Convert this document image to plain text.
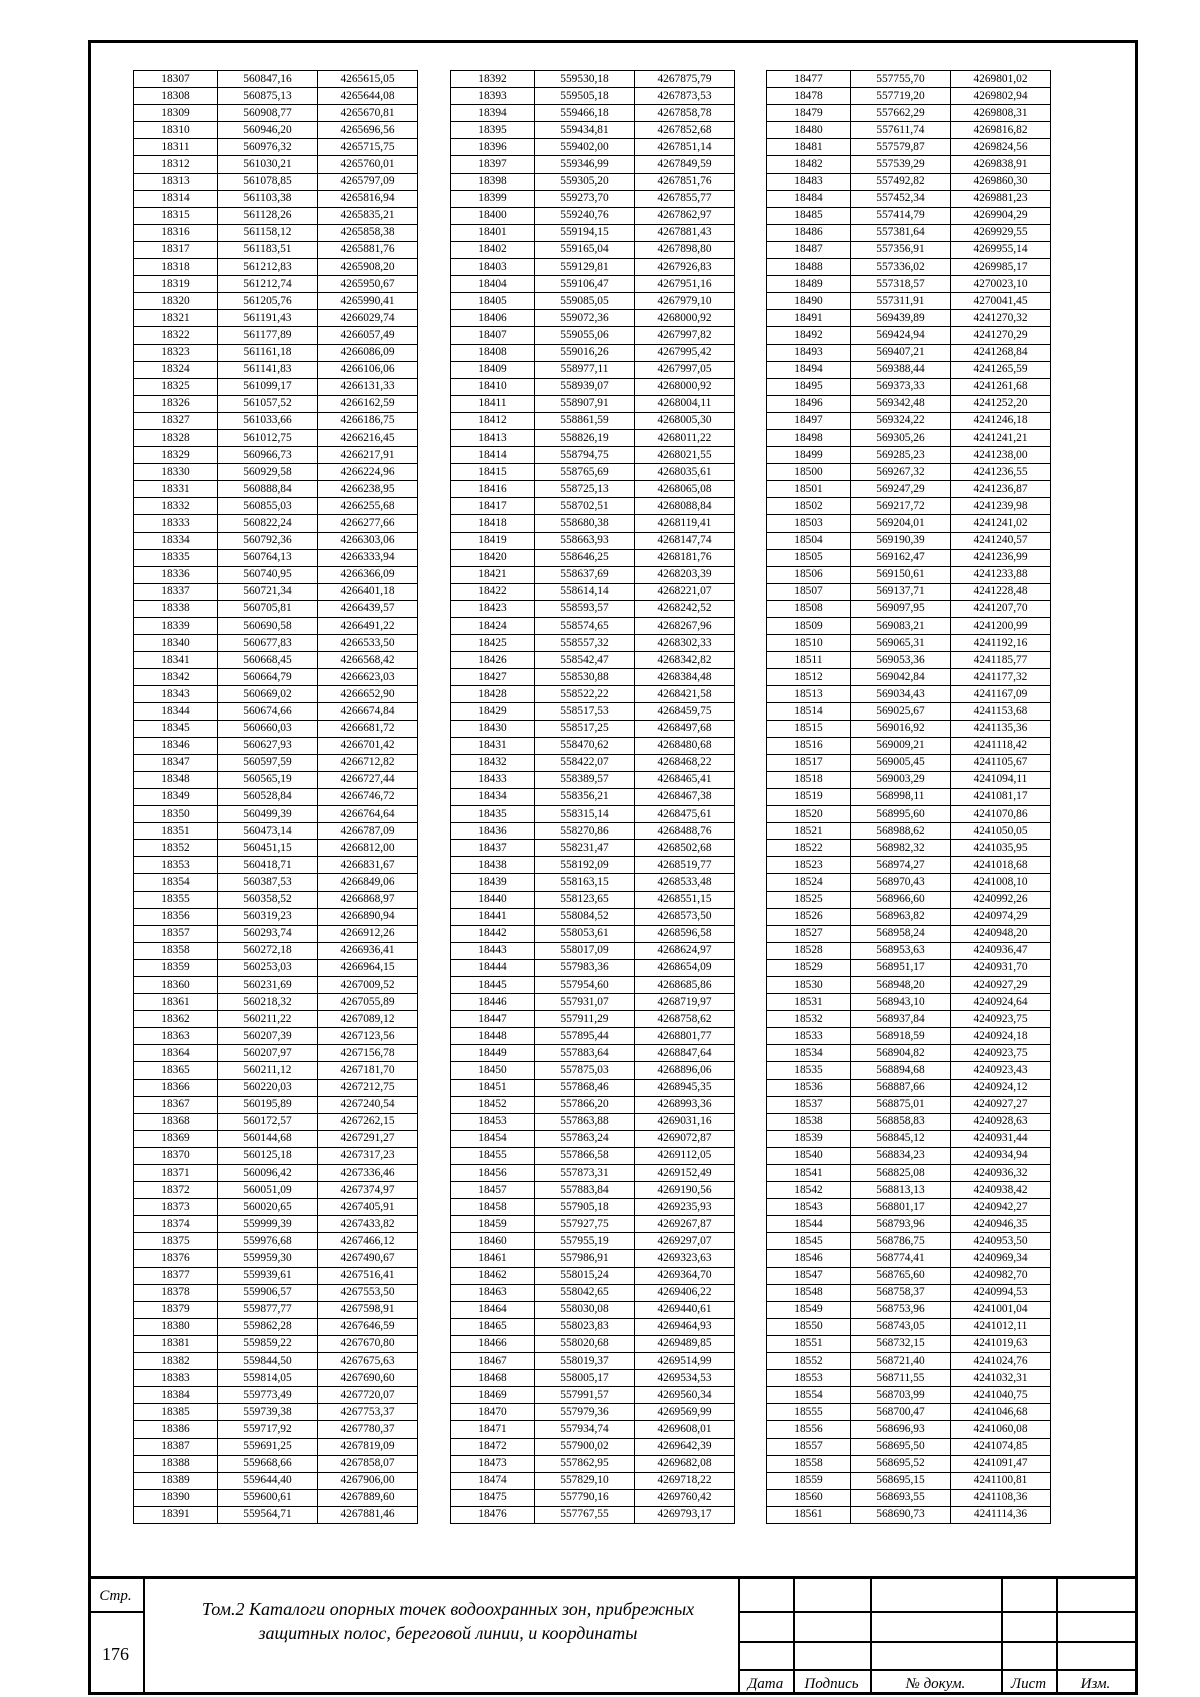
18307	560847,16	4265615,05
18308	560875,13	4265644,08
18309	560908,77	4265670,81
18310	560946,20	4265696,56
18311	560976,32	4265715,75
18312	561030,21	4265760,01
18313	561078,85	4265797,09
18314	561103,38	4265816,94
18315	561128,26	4265835,21
18316	561158,12	4265858,38
18317	561183,51	4265881,76
18318	561212,83	4265908,20
18319	561212,74	4265950,67
18320	561205,76	4265990,41
18321	561191,43	4266029,74
18322	561177,89	4266057,49
18323	561161,18	4266086,09
18324	561141,83	4266106,06
18325	561099,17	4266131,33
18326	561057,52	4266162,59
18327	561033,66	4266186,75
18328	561012,75	4266216,45
18329	560966,73	4266217,91
18330	560929,58	4266224,96
18331	560888,84	4266238,95
18332	560855,03	4266255,68
18333	560822,24	4266277,66
18334	560792,36	4266303,06
18335	560764,13	4266333,94
18336	560740,95	4266366,09
18337	560721,34	4266401,18
18338	560705,81	4266439,57
18339	560690,58	4266491,22
18340	560677,83	4266533,50
18341	560668,45	4266568,42
18342	560664,79	4266623,03
18343	560669,02	4266652,90
18344	560674,66	4266674,84
18345	560660,03	4266681,72
18346	560627,93	4266701,42
18347	560597,59	4266712,82
18348	560565,19	4266727,44
18349	560528,84	4266746,72
18350	560499,39	4266764,64
18351	560473,14	4266787,09
18352	560451,15	4266812,00
18353	560418,71	4266831,67
18354	560387,53	4266849,06
18355	560358,52	4266868,97
18356	560319,23	4266890,94
18357	560293,74	4266912,26
18358	560272,18	4266936,41
18359	560253,03	4266964,15
18360	560231,69	4267009,52
18361	560218,32	4267055,89
18362	560211,22	4267089,12
18363	560207,39	4267123,56
18364	560207,97	4267156,78
18365	560211,12	4267181,70
18366	560220,03	4267212,75
18367	560195,89	4267240,54
18368	560172,57	4267262,15
18369	560144,68	4267291,27
18370	560125,18	4267317,23
18371	560096,42	4267336,46
18372	560051,09	4267374,97
18373	560020,65	4267405,91
18374	559999,39	4267433,82
18375	559976,68	4267466,12
18376	559959,30	4267490,67
18377	559939,61	4267516,41
18378	559906,57	4267553,50
18379	559877,77	4267598,91
18380	559862,28	4267646,59
18381	559859,22	4267670,80
18382	559844,50	4267675,63
18383	559814,05	4267690,60
18384	559773,49	4267720,07
18385	559739,38	4267753,37
18386	559717,92	4267780,37
18387	559691,25	4267819,09
18388	559668,66	4267858,07
18389	559644,40	4267906,00
18390	559600,61	4267889,60
18391	559564,71	4267881,46
18392	559530,18	4267875,79
18393	559505,18	4267873,53
18394	559466,18	4267858,78
18395	559434,81	4267852,68
18396	559402,00	4267851,14
18397	559346,99	4267849,59
18398	559305,20	4267851,76
18399	559273,70	4267855,77
18400	559240,76	4267862,97
18401	559194,15	4267881,43
18402	559165,04	4267898,80
18403	559129,81	4267926,83
18404	559106,47	4267951,16
18405	559085,05	4267979,10
18406	559072,36	4268000,92
18407	559055,06	4267997,82
18408	559016,26	4267995,42
18409	558977,11	4267997,05
18410	558939,07	4268000,92
18411	558907,91	4268004,11
18412	558861,59	4268005,30
18413	558826,19	4268011,22
18414	558794,75	4268021,55
18415	558765,69	4268035,61
18416	558725,13	4268065,08
18417	558702,51	4268088,84
18418	558680,38	4268119,41
18419	558663,93	4268147,74
18420	558646,25	4268181,76
18421	558637,69	4268203,39
18422	558614,14	4268221,07
18423	558593,57	4268242,52
18424	558574,65	4268267,96
18425	558557,32	4268302,33
18426	558542,47	4268342,82
18427	558530,88	4268384,48
18428	558522,22	4268421,58
18429	558517,53	4268459,75
18430	558517,25	4268497,68
18431	558470,62	4268480,68
18432	558422,07	4268468,22
18433	558389,57	4268465,41
18434	558356,21	4268467,38
18435	558315,14	4268475,61
18436	558270,86	4268488,76
18437	558231,47	4268502,68
18438	558192,09	4268519,77
18439	558163,15	4268533,48
18440	558123,65	4268551,15
18441	558084,52	4268573,50
18442	558053,61	4268596,58
18443	558017,09	4268624,97
18444	557983,36	4268654,09
18445	557954,60	4268685,86
18446	557931,07	4268719,97
18447	557911,29	4268758,62
18448	557895,44	4268801,77
18449	557883,64	4268847,64
18450	557875,03	4268896,06
18451	557868,46	4268945,35
18452	557866,20	4268993,36
18453	557863,88	4269031,16
18454	557863,24	4269072,87
18455	557866,58	4269112,05
18456	557873,31	4269152,49
18457	557883,84	4269190,56
18458	557905,18	4269235,93
18459	557927,75	4269267,87
18460	557955,19	4269297,07
18461	557986,91	4269323,63
18462	558015,24	4269364,70
18463	558042,65	4269406,22
18464	558030,08	4269440,61
18465	558023,83	4269464,93
18466	558020,68	4269489,85
18467	558019,37	4269514,99
18468	558005,17	4269534,53
18469	557991,57	4269560,34
18470	557979,36	4269569,99
18471	557934,74	4269608,01
18472	557900,02	4269642,39
18473	557862,95	4269682,08
18474	557829,10	4269718,22
18475	557790,16	4269760,42
18476	557767,55	4269793,17
18477	557755,70	4269801,02
18478	557719,20	4269802,94
18479	557662,29	4269808,31
18480	557611,74	4269816,82
18481	557579,87	4269824,56
18482	557539,29	4269838,91
18483	557492,82	4269860,30
18484	557452,34	4269881,23
18485	557414,79	4269904,29
18486	557381,64	4269929,55
18487	557356,91	4269955,14
18488	557336,02	4269985,17
18489	557318,57	4270023,10
18490	557311,91	4270041,45
18491	569439,89	4241270,32
18492	569424,94	4241270,29
18493	569407,21	4241268,84
18494	569388,44	4241265,59
18495	569373,33	4241261,68
18496	569342,48	4241252,20
18497	569324,22	4241246,18
18498	569305,26	4241241,21
18499	569285,23	4241238,00
18500	569267,32	4241236,55
18501	569247,29	4241236,87
18502	569217,72	4241239,98
18503	569204,01	4241241,02
18504	569190,39	4241240,57
18505	569162,47	4241236,99
18506	569150,61	4241233,88
18507	569137,71	4241228,48
18508	569097,95	4241207,70
18509	569083,21	4241200,99
18510	569065,31	4241192,16
18511	569053,36	4241185,77
18512	569042,84	4241177,32
18513	569034,43	4241167,09
18514	569025,67	4241153,68
18515	569016,92	4241135,36
18516	569009,21	4241118,42
18517	569005,45	4241105,67
18518	569003,29	4241094,11
18519	568998,11	4241081,17
18520	568995,60	4241070,86
18521	568988,62	4241050,05
18522	568982,32	4241035,95
18523	568974,27	4241018,68
18524	568970,43	4241008,10
18525	568966,60	4240992,26
18526	568963,82	4240974,29
18527	568958,24	4240948,20
18528	568953,63	4240936,47
18529	568951,17	4240931,70
18530	568948,20	4240927,29
18531	568943,10	4240924,64
18532	568937,84	4240923,75
18533	568918,59	4240924,18
18534	568904,82	4240923,75
18535	568894,68	4240923,43
18536	568887,66	4240924,12
18537	568875,01	4240927,27
18538	568858,83	4240928,63
18539	568845,12	4240931,44
18540	568834,23	4240934,94
18541	568825,08	4240936,32
18542	568813,13	4240938,42
18543	568801,17	4240942,27
18544	568793,96	4240946,35
18545	568786,75	4240953,50
18546	568774,41	4240969,34
18547	568765,60	4240982,70
18548	568758,37	4240994,53
18549	568753,96	4241001,04
18550	568743,05	4241012,11
18551	568732,15	4241019,63
18552	568721,40	4241024,76
18553	568711,55	4241032,31
18554	568703,99	4241040,75
18555	568700,47	4241046,68
18556	568696,93	4241060,08
18557	568695,50	4241074,85
18558	568695,52	4241091,47
18559	568695,15	4241100,81
18560	568693,55	4241108,36
18561	568690,73	4241114,36
Стр.
176
Том.2 Каталоги опорных точек водоохранных зон, прибрежных защитных полос, береговой линии, и координаты
Дата	Подпись	№ докум.	Лист	Изм.
